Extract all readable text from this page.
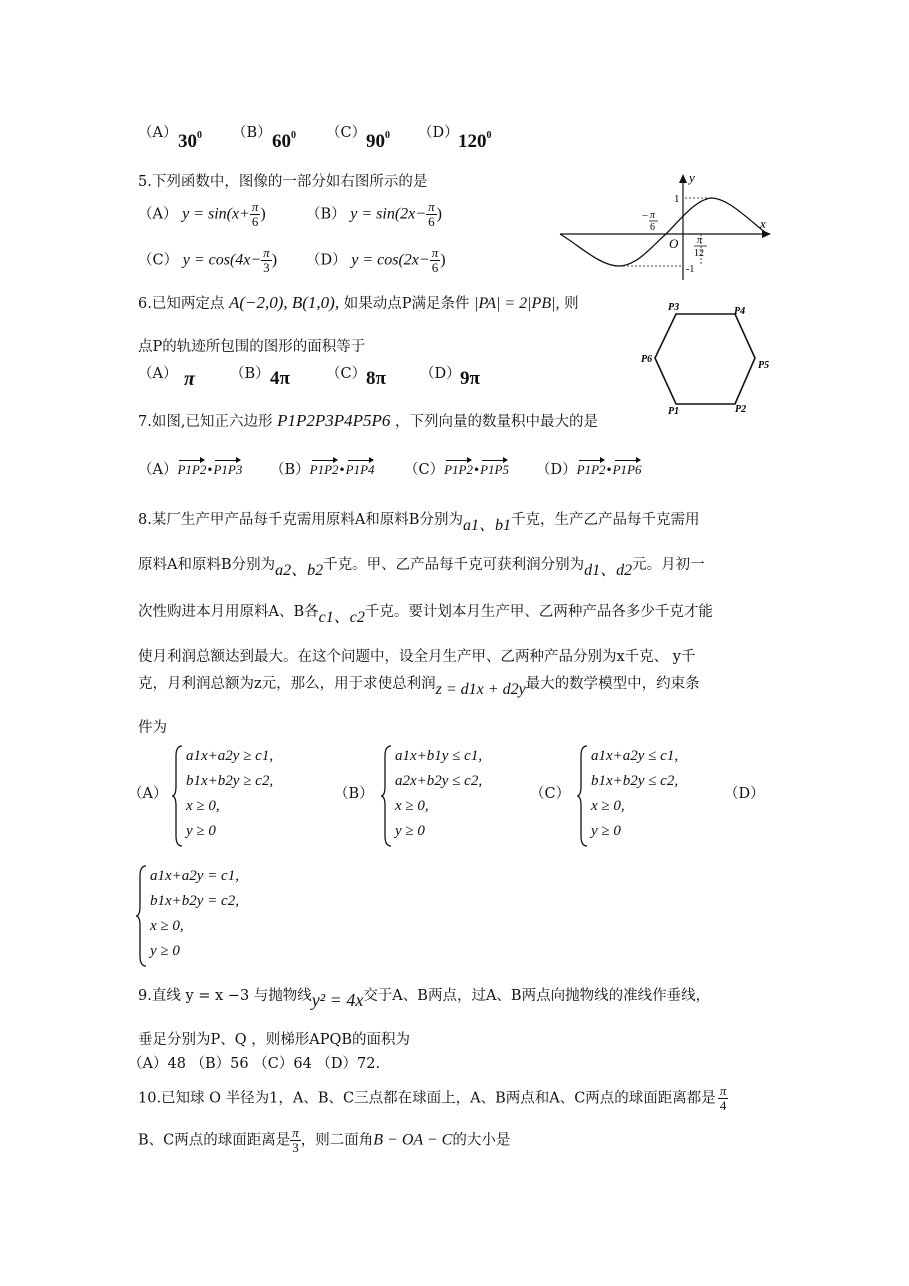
（A） $30^0$ （B） $60^0$ （C） $90^0$ （D） $120^0$
5.下列函数中，图像的一部分如右图所示的是
（A） $y = \sin(x+ \frac{\pi}{6}$ )	（B） $y = \sin(2x- \frac{\pi}{6}$ )
（C） $y = \cos(4x- \frac{\pi}{3}$ ) （D） $y = \cos(2x- \frac{\pi}{6}$ )
y
x
1
-1
O
− π
6
π
12
6.已知两定点 A(−2,0), B(1,0), 如果动点P满足条件 |PA| = 2|PB|, 则
点P的轨迹所包围的图形的面积等于
（A） π （B） 4π （C） 8π （D） 9π
P3	P4
P6
P5
P1	P2
7.如图,已知正六边形 P1P2P3P4P5P6 ，下列向量的数量积中最大的是
（A）P1P2•P1P3 （B）P1P2•P1P4 （C）P1P2•P1P5 （D）P1P2•P1P6
8.某厂生产甲产品每千克需用原料A和原料B分别为a1、b1千克，生产乙产品每千克需用
原料A和原料B分别为a2、b2千克。甲、乙产品每千克可获利润分别为d1、d2元。月初一
次性购进本月用原料A、B各c1、c2千克。要计划本月生产甲、乙两种产品各多少千克才能
使月利润总额达到最大。在这个问题中，设全月生产甲、乙两种产品分别为x千克、 y千
克，月利润总额为z元，那么，用于求使总利润z = d1x + d2y最大的数学模型中，约束条
件为
（A）
a1x+a2y ≥ c1,
b1x+b2y ≥ c2,
x ≥ 0,
y ≥ 0
（B）
a1x+b1y ≤ c1,
a2x+b2y ≤ c2,
x ≥ 0,
y ≥ 0
（C）
a1x+a2y ≤ c1,
b1x+b2y ≤ c2,
x ≥ 0,
y ≥ 0
（D）
a1x+a2y = c1,
b1x+b2y = c2,
x ≥ 0,
y ≥ 0
9.直线 y = x −3 与抛物线y² = 4x交于A、B两点，过A、B两点向抛物线的准线作垂线，
垂足分别为P、Q ，则梯形APQB的面积为
（A）48 （B）56 （C）64 （D）72.
10.已知球 O 半径为1，A、B、C三点都在球面上，A、B两点和A、C两点的球面距离都是 $\frac{\pi}{4}$
B、C两点的球面距离是 $\frac{\pi}{3}$ ，则二面角B − OA − C的大小是
